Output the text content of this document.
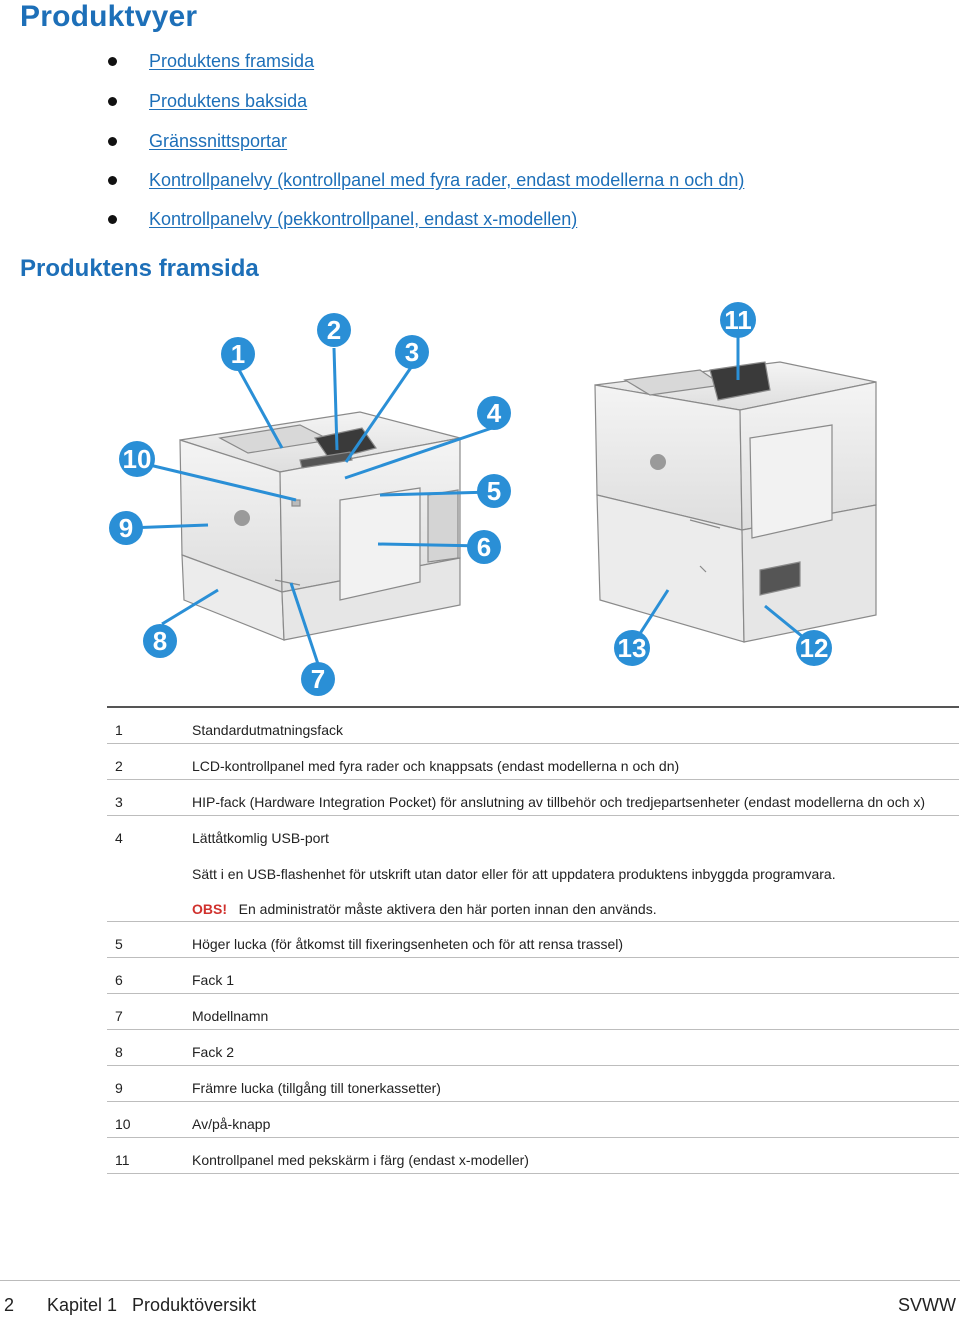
Produktvyer
Produktens framsida
Produktens baksida
Gränssnittsportar
Kontrollpanelvy (kontrollpanel med fyra rader, endast modellerna n och dn)
Kontrollpanelvy (pekkontrollpanel, endast x-modellen)
Produktens framsida
1
2
3
4
5
6
7
8
9
10
11
12
13
1	Standardutmatningsfack
2	LCD-kontrollpanel med fyra rader och knappsats (endast modellerna n och dn)
3	HIP-fack (Hardware Integration Pocket) för anslutning av tillbehör och tredjepartsenheter (endast modellerna dn och x)
4	Lättåtkomlig USB-port
Sätt i en USB-flashenhet för utskrift utan dator eller för att uppdatera produktens inbyggda programvara.
OBS! En administratör måste aktivera den här porten innan den används.
5	Höger lucka (för åtkomst till fixeringsenheten och för att rensa trassel)
6	Fack 1
7	Modellnamn
8	Fack 2
9	Främre lucka (tillgång till tonerkassetter)
10	Av/på-knapp
11	Kontrollpanel med pekskärm i färg (endast x-modeller)
2 Kapitel 1   Produktöversikt	SVWW
